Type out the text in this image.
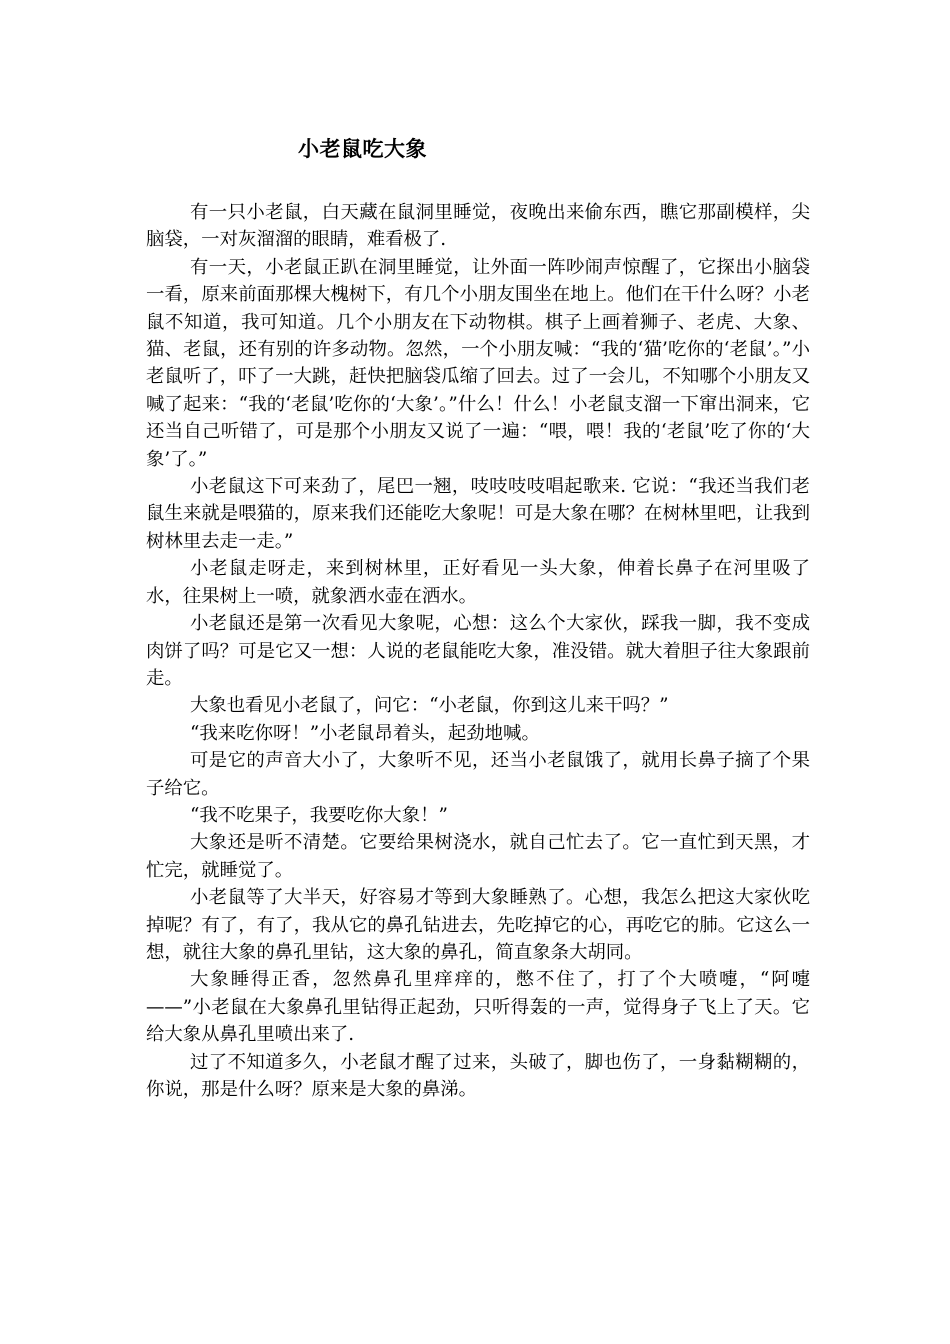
小老鼠吃大象

有一只小老鼠，白天藏在鼠洞里睡觉，夜晚出来偷东西，瞧它那副模样，尖脑袋，一对灰溜溜的眼睛，难看极了.

有一天，小老鼠正趴在洞里睡觉，让外面一阵吵闹声惊醒了，它探出小脑袋一看，原来前面那棵大槐树下，有几个小朋友围坐在地上。他们在干什么呀？小老鼠不知道，我可知道。几个小朋友在下动物棋。棋子上画着狮子、老虎、大象、猫、老鼠，还有别的许多动物。忽然，一个小朋友喊：“我的‘猫’吃你的‘老鼠’。”小老鼠听了，吓了一大跳，赶快把脑袋瓜缩了回去。过了一会儿，不知哪个小朋友又喊了起来：“我的‘老鼠’吃你的‘大象’。”什么！什么！小老鼠支溜一下窜出洞来，它还当自己听错了，可是那个小朋友又说了一遍：“喂，喂！我的‘老鼠’吃了你的‘大象’了。”

小老鼠这下可来劲了，尾巴一翘，吱吱吱吱唱起歌来. 它说：“我还当我们老鼠生来就是喂猫的，原来我们还能吃大象呢！可是大象在哪？在树林里吧，让我到树林里去走一走。”

小老鼠走呀走，来到树林里，正好看见一头大象，伸着长鼻子在河里吸了水，往果树上一喷，就象洒水壶在洒水。

小老鼠还是第一次看见大象呢，心想：这么个大家伙，踩我一脚，我不变成肉饼了吗？可是它又一想：人说的老鼠能吃大象，准没错。就大着胆子往大象跟前走。

大象也看见小老鼠了，问它：“小老鼠，你到这儿来干吗？”

“我来吃你呀！”小老鼠昂着头，起劲地喊。

可是它的声音大小了，大象听不见，还当小老鼠饿了，就用长鼻子摘了个果子给它。

“我不吃果子，我要吃你大象！”

大象还是听不清楚。它要给果树浇水，就自己忙去了。它一直忙到天黑，才忙完，就睡觉了。

小老鼠等了大半天，好容易才等到大象睡熟了。心想，我怎么把这大家伙吃掉呢？有了，有了，我从它的鼻孔钻进去，先吃掉它的心，再吃它的肺。它这么一想，就往大象的鼻孔里钻，这大象的鼻孔，简直象条大胡同。

大象睡得正香，忽然鼻孔里痒痒的，憋不住了，打了个大喷嚏，“阿嚏——”小老鼠在大象鼻孔里钻得正起劲，只听得轰的一声，觉得身子飞上了天。它给大象从鼻孔里喷出来了.

过了不知道多久，小老鼠才醒了过来，头破了，脚也伤了，一身黏糊糊的，你说，那是什么呀？原来是大象的鼻涕。
